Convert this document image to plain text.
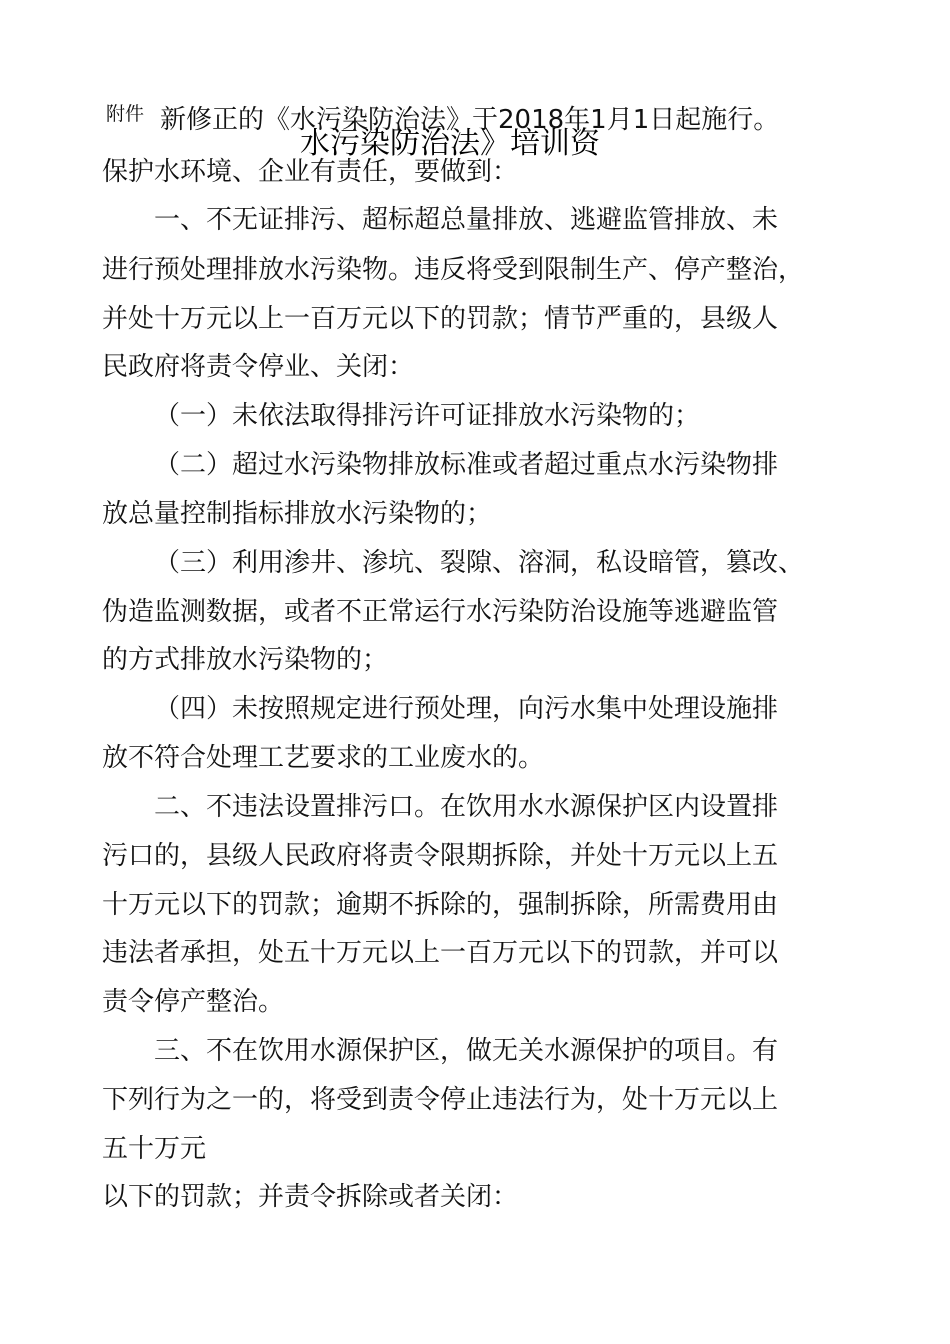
附件
水污染防治法》培训资
新修正的《水污染防治法》于2018年1月1日起施行。
保护水环境、企业有责任，要做到：
一、不无证排污、超标超总量排放、逃避监管排放、未
进行预处理排放水污染物。违反将受到限制生产、停产整治，
并处十万元以上一百万元以下的罚款；情节严重的，县级人
民政府将责令停业、关闭：
（一）未依法取得排污许可证排放水污染物的；
（二）超过水污染物排放标准或者超过重点水污染物排
放总量控制指标排放水污染物的；
（三）利用渗井、渗坑、裂隙、溶洞，私设暗管，篡改、
伪造监测数据，或者不正常运行水污染防治设施等逃避监管
的方式排放水污染物的；
（四）未按照规定进行预处理，向污水集中处理设施排
放不符合处理工艺要求的工业废水的。
二、不违法设置排污口。在饮用水水源保护区内设置排
污口的，县级人民政府将责令限期拆除，并处十万元以上五
十万元以下的罚款；逾期不拆除的，强制拆除，所需费用由
违法者承担，处五十万元以上一百万元以下的罚款，并可以
责令停产整治。
三、不在饮用水源保护区，做无关水源保护的项目。有
下列行为之一的，将受到责令停止违法行为，处十万元以上
五十万元
以下的罚款；并责令拆除或者关闭：
